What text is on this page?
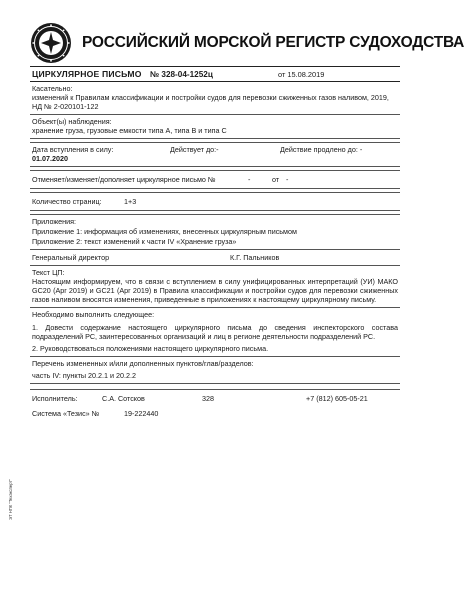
РОССИЙСКИЙ МОРСКОЙ РЕГИСТР СУДОХОДСТВА
ЦИРКУЛЯРНОЕ ПИСЬМО	№ 328-04-1252ц	от 15.08.2019
Касательно:
изменений к Правилам классификации и постройки судов для перевозки сжиженных газов наливом, 2019, НД № 2-020101-122
Объект(ы) наблюдения:
хранение груза, грузовые емкости типа А, типа В и типа С
Дата вступления в силу:
01.07.2020
Действует до:-	Действие продлено до: -
Отменяет/изменяет/дополняет циркулярное письмо №	-	от -
Количество страниц:	1+3
Приложения:
Приложение 1: информация об изменениях, внесенных циркулярным письмом
Приложение 2: текст изменений к части IV «Хранение груза»
Генеральный директор	К.Г. Пальников
Текст ЦП:
Настоящим информируем, что в связи с вступлением в силу унифицированных интерпретаций (УИ) МАКО GC20 (Apr 2019) и GC21 (Apr 2019) в Правила классификации и постройки судов для перевозки сжиженных газов наливом вносятся изменения, приведенные в приложениях к настоящему циркулярному письму.
Необходимо выполнить следующее:
1. Довести содержание настоящего циркулярного письма до сведения инспекторского состава подразделений РС, заинтересованных организаций и лиц в регионе деятельности подразделений РС.
2. Руководствоваться положениями настоящего циркулярного письма.
Перечень измененных и/или дополненных пунктов/глав/разделов:
часть IV: пункты 20.2.1 и 20.2.2
Исполнитель:	С.А. Сотсков	328	+7 (812) 605-05-21
Система «Тезис» №	19-222440
ЭТ НПК "Техэксперт"
